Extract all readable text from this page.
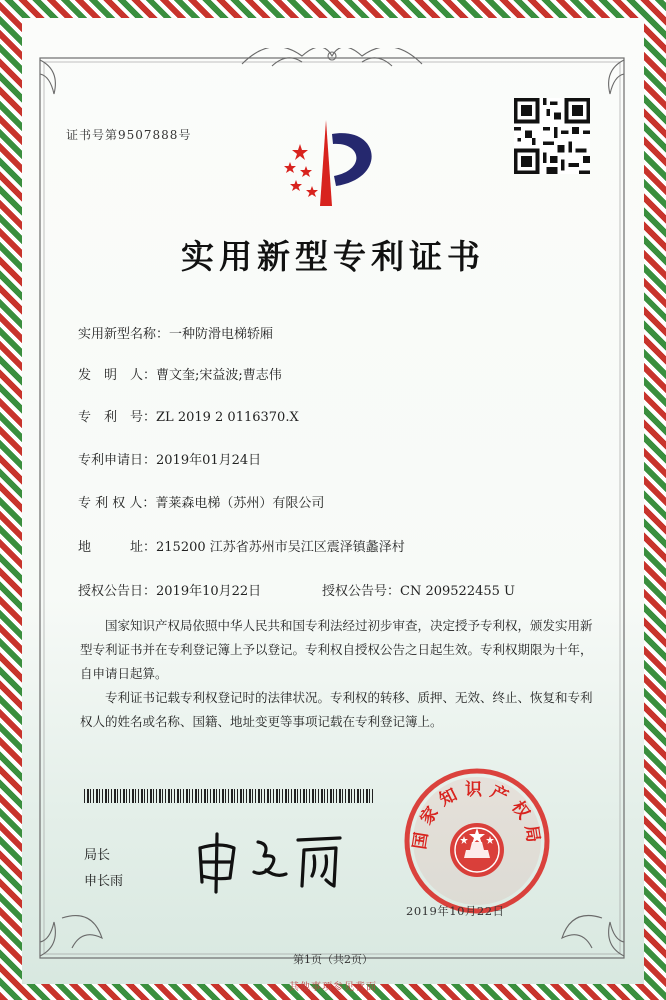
证书号第9507888号
实用新型专利证书
实用新型名称：一种防滑电梯轿厢
发　明　人：曹文奎;宋益波;曹志伟
专　利　号：ZL 2019 2 0116370.X
专利申请日：2019年01月24日
专 利 权 人：菁莱森电梯（苏州）有限公司
地　　　址：215200 江苏省苏州市吴江区震泽镇蠡泽村
授权公告日：2019年10月22日	授权公告号：CN 209522455 U

国家知识产权局依照中华人民共和国专利法经过初步审查，决定授予专利权，颁发实用新型专利证书并在专利登记簿上予以登记。专利权自授权公告之日起生效。专利权期限为十年，自申请日起算。

专利证书记载专利权登记时的法律状况。专利权的转移、质押、无效、终止、恢复和专利权人的姓名或名称、国籍、地址变更等事项记载在专利登记簿上。

局长
申长雨
国家知识产权局
2019年10月22日
第1页（共2页）
其他事项参见背面
